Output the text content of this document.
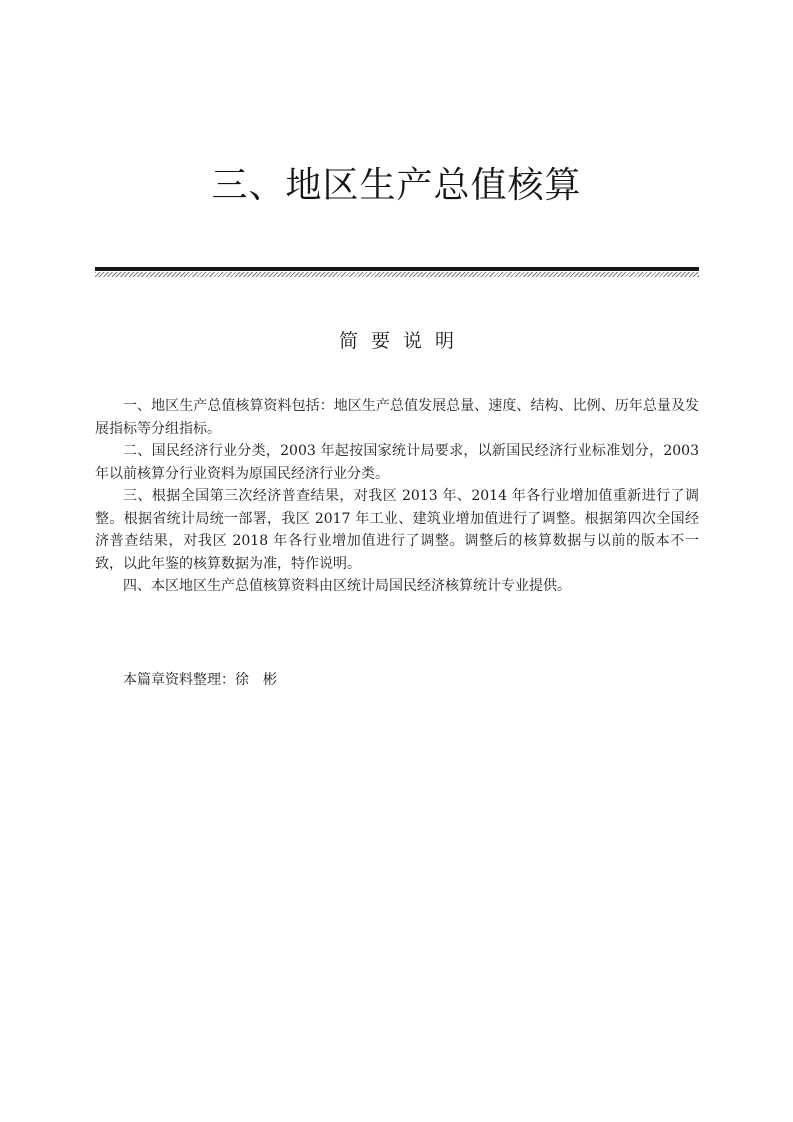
三、地区生产总值核算
简要说明

一、地区生产总值核算资料包括：地区生产总值发展总量、速度、结构、比例、历年总量及发展指标等分组指标。

二、国民经济行业分类，2003 年起按国家统计局要求，以新国民经济行业标准划分，2003 年以前核算分行业资料为原国民经济行业分类。

三、根据全国第三次经济普查结果，对我区 2013 年、2014 年各行业增加值重新进行了调整。根据省统计局统一部署，我区 2017 年工业、建筑业增加值进行了调整。根据第四次全国经济普查结果，对我区 2018 年各行业增加值进行了调整。调整后的核算数据与以前的版本不一致，以此年鉴的核算数据为准，特作说明。

四、本区地区生产总值核算资料由区统计局国民经济核算统计专业提供。

本篇章资料整理：徐　彬
